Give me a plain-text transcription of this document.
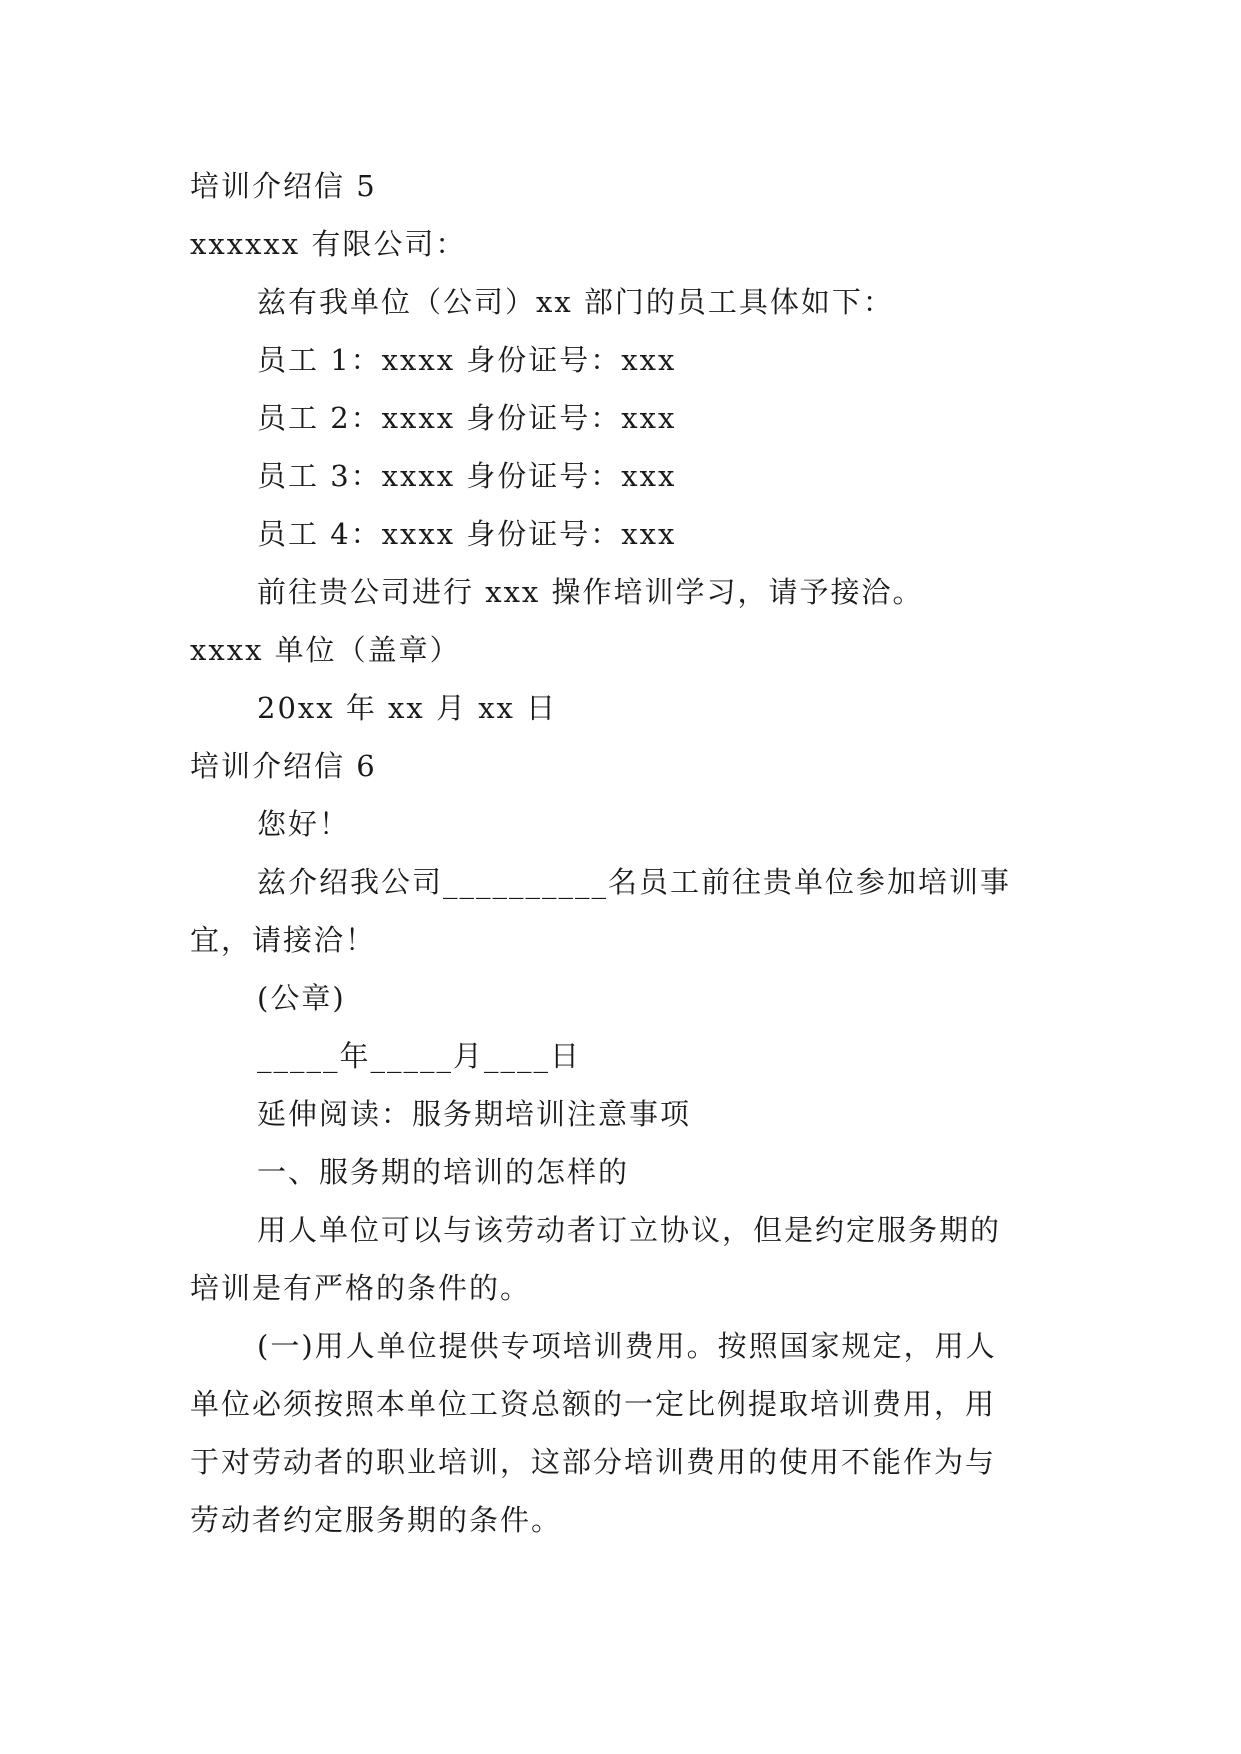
培训介绍信 5
xxxxxx 有限公司：
兹有我单位（公司）xx 部门的员工具体如下：
员工 1：xxxx 身份证号：xxx
员工 2：xxxx 身份证号：xxx
员工 3：xxxx 身份证号：xxx
员工 4：xxxx 身份证号：xxx
前往贵公司进行 xxx 操作培训学习，请予接洽。
xxxx 单位（盖章）
20xx 年 xx 月 xx 日
培训介绍信 6
您好！
兹介绍我公司__________名员工前往贵单位参加培训事
宜，请接洽！
(公章)
_____年_____月____日
延伸阅读：服务期培训注意事项
一、服务期的培训的怎样的
用人单位可以与该劳动者订立协议，但是约定服务期的
培训是有严格的条件的。
(一)用人单位提供专项培训费用。按照国家规定，用人
单位必须按照本单位工资总额的一定比例提取培训费用，用
于对劳动者的职业培训，这部分培训费用的使用不能作为与
劳动者约定服务期的条件。
